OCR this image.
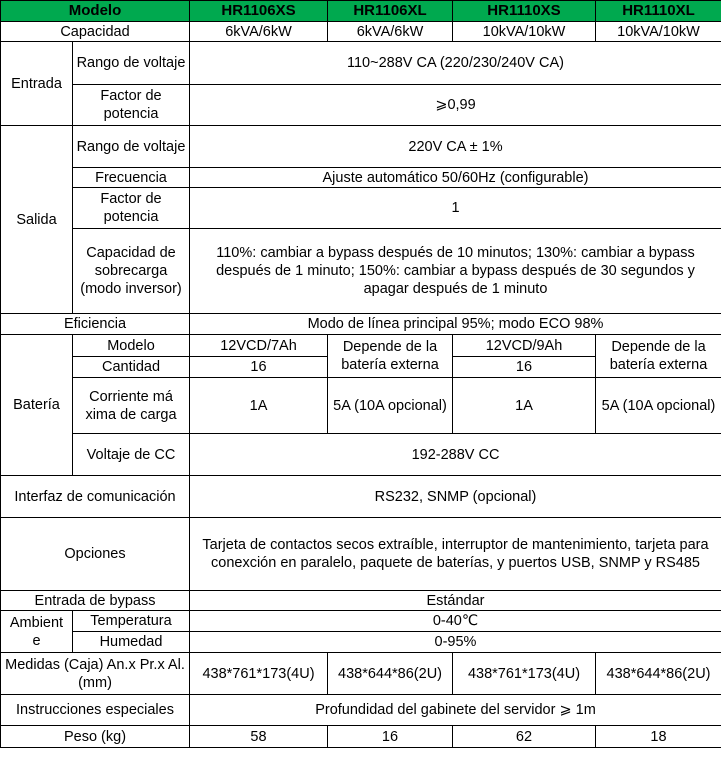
Modelo		HR1106XS	HR1106XL	HR1110XS	HR1110XL
Capacidad		6kVA/6kW	6kVA/6kW	10kVA/10kW	10kVA/10kW
Entrada	Rango de voltaje	110~288V CA (220/230/240V CA)			
	Factor de potencia	⩾0,99			
Salida	Rango de voltaje	220V CA ± 1%			
	Frecuencia	Ajuste automático 50/60Hz (configurable)			
	Factor de potencia	1			
	Capacidad de sobrecarga (modo inversor)	110%: cambiar a bypass después de 10 minutos; 130%: cambiar a bypass después de 1 minuto; 150%: cambiar a bypass después de 30 segundos y apagar después de 1 minuto			
Eficiencia		Modo de línea principal 95%; modo ECO 98%			
Batería	Modelo	12VCD/7Ah	Depende de la batería externa	12VCD/9Ah	Depende de la batería externa
	Cantidad	16		16	
	Corriente má xima de carga	1A	5A (10A opcional)	1A	5A (10A opcional)
	Voltaje de CC	192-288V CC			
Interfaz de comunicación		RS232, SNMP (opcional)			
Opciones		Tarjeta de contactos secos extraíble, interruptor de mantenimiento, tarjeta para conexción en paralelo, paquete de baterías, y puertos USB, SNMP y RS485			
Entrada de bypass		Estándar			
Ambient e	Temperatura	0-40℃			
	Humedad	0-95%			
Medidas (Caja) An.x Pr.x Al.(mm)		438*761*173(4U)	438*644*86(2U)	438*761*173(4U)	438*644*86(2U)
Instrucciones especiales		Profundidad del gabinete del servidor ⩾ 1m			
Peso (kg)		58	16	62	18
